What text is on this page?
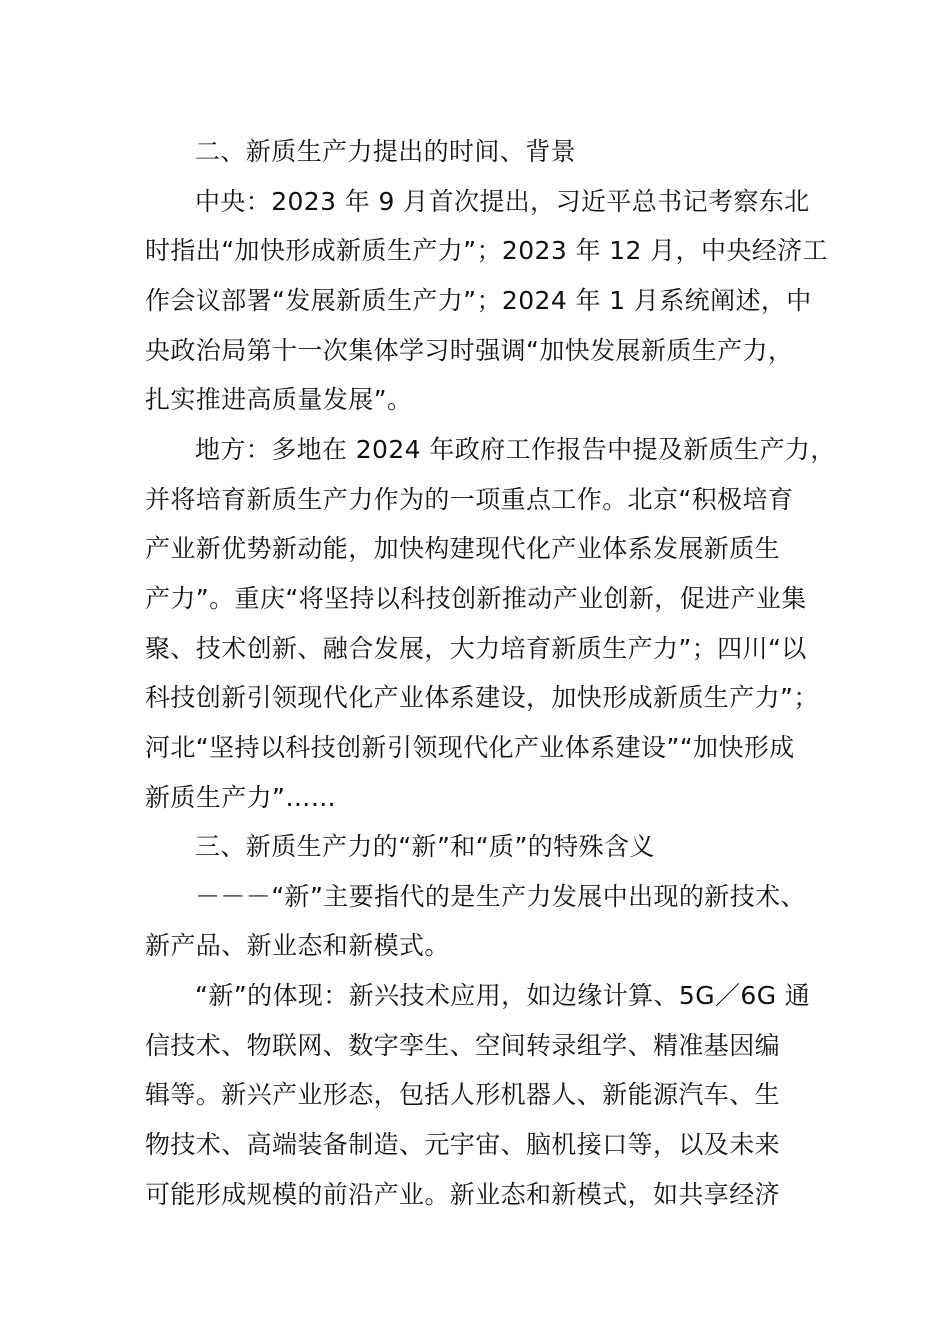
二、新质生产力提出的时间、背景

中央：2023 年 9 月首次提出，习近平总书记考察东北

时指出“加快形成新质生产力”；2023 年 12 月，中央经济工

作会议部署“发展新质生产力”；2024 年 1 月系统阐述，中

央政治局第十一次集体学习时强调“加快发展新质生产力，

扎实推进高质量发展”。

地方：多地在 2024 年政府工作报告中提及新质生产力，

并将培育新质生产力作为的一项重点工作。北京“积极培育

产业新优势新动能，加快构建现代化产业体系发展新质生

产力”。重庆“将坚持以科技创新推动产业创新，促进产业集

聚、技术创新、融合发展，大力培育新质生产力”；四川“以

科技创新引领现代化产业体系建设，加快形成新质生产力”；

河北“坚持以科技创新引领现代化产业体系建设”“加快形成

新质生产力”……

三、新质生产力的“新”和“质”的特殊含义

－－－“新”主要指代的是生产力发展中出现的新技术、

新产品、新业态和新模式。

“新”的体现：新兴技术应用，如边缘计算、5G／6G 通

信技术、物联网、数字孪生、空间转录组学、精准基因编

辑等。新兴产业形态，包括人形机器人、新能源汽车、生

物技术、高端装备制造、元宇宙、脑机接口等，以及未来

可能形成规模的前沿产业。新业态和新模式，如共享经济
